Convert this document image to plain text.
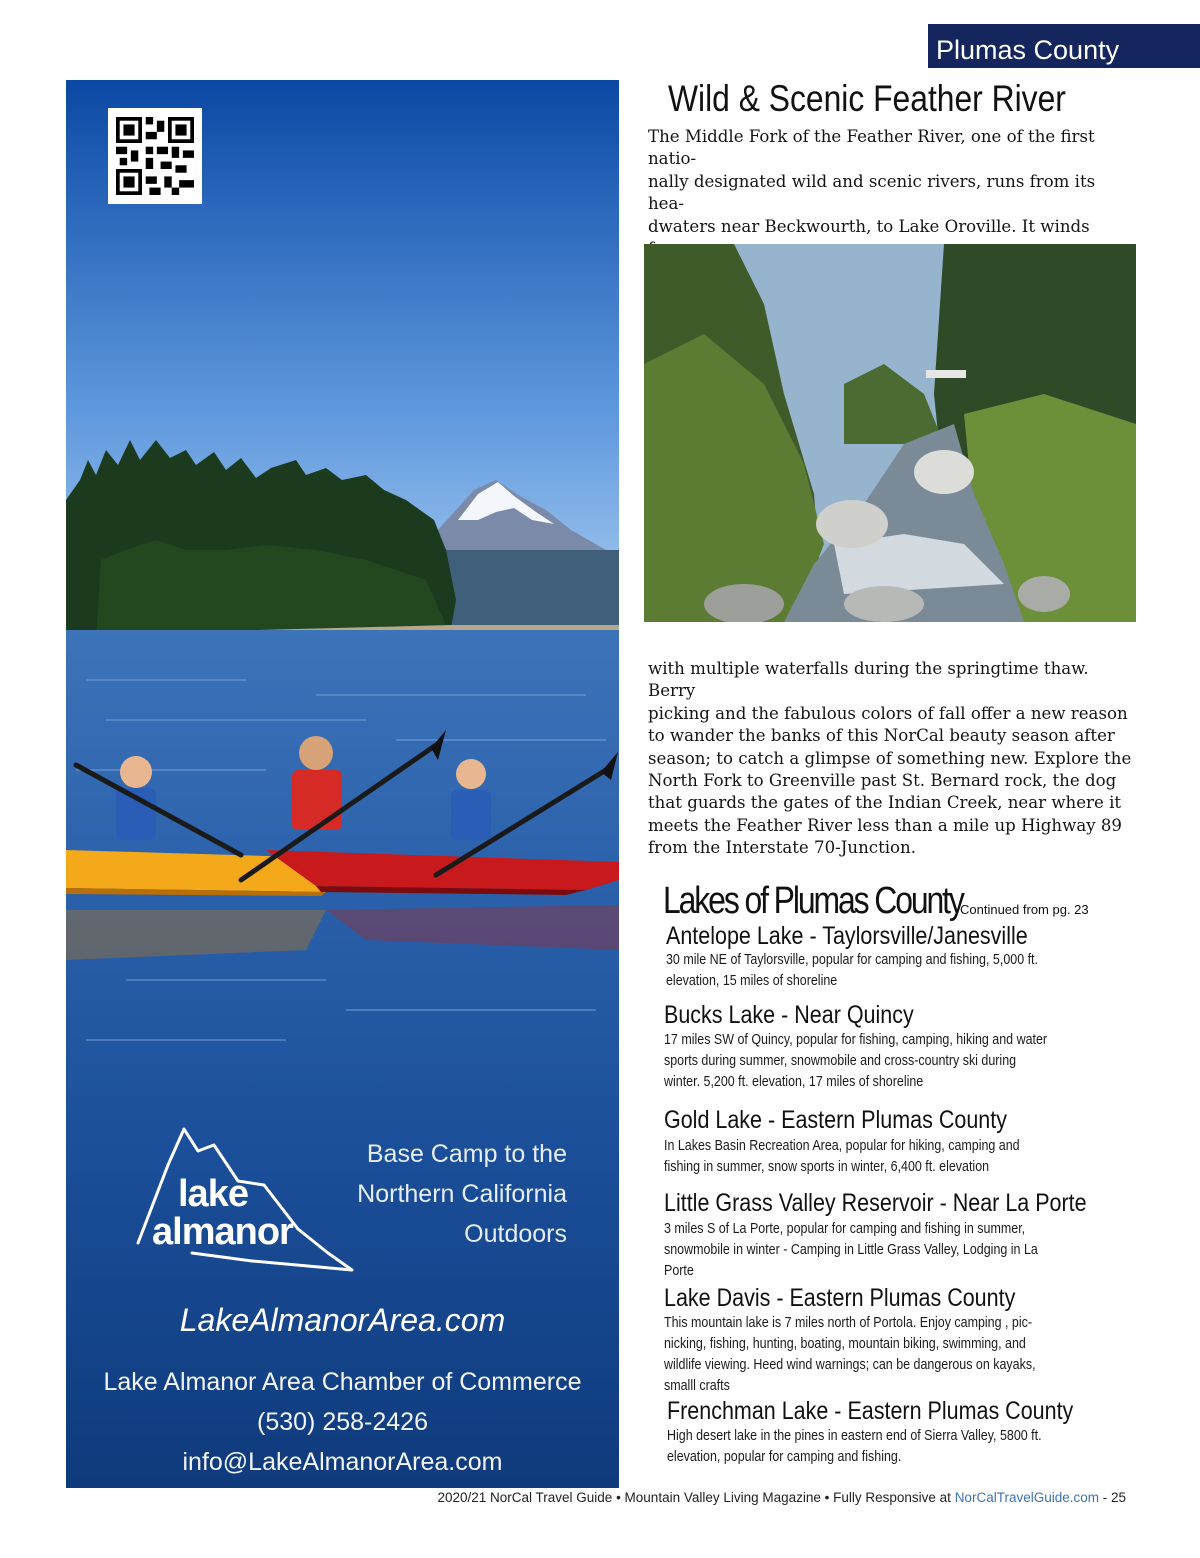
Plumas County
lake
almanor
Base Camp to the
Northern California
Outdoors
LakeAlmanorArea.com
Lake Almanor Area Chamber of Commerce
(530) 258-2426
info@LakeAlmanorArea.com
Wild & Scenic Feather River
The Middle Fork of the Feather River, one of the first natio-
nally designated wild and scenic rivers, runs from its hea-
dwaters near Beckwourth, to Lake Oroville. It winds
with multiple waterfalls during the springtime thaw. Berry
picking and the fabulous colors of fall offer a new reason
to wander the banks of this NorCal beauty season after
season; to catch a glimpse of something new. Explore the
North Fork to Greenville past St. Bernard rock, the dog
that guards the gates of the Indian Creek, near where it
meets the Feather River less than a mile up Highway 89
from the Interstate 70-Junction.
Lakes of Plumas County
Continued from pg. 23
Antelope Lake - Taylorsville/Janesville
30 mile NE of Taylorsville, popular for camping and fishing, 5,000 ft.
elevation, 15 miles of shoreline
Bucks Lake - Near Quincy
17 miles SW of Quincy, popular for fishing, camping, hiking and water
sports during summer, snowmobile and cross-country ski during
winter. 5,200 ft. elevation, 17 miles of shoreline
Gold Lake - Eastern Plumas County
In Lakes Basin Recreation Area, popular for hiking, camping and
fishing in summer, snow sports in winter, 6,400 ft. elevation
Little Grass Valley Reservoir - Near La Porte
3 miles S of La Porte, popular for camping and fishing in summer,
snowmobile in winter - Camping in Little Grass Valley, Lodging in La
Porte
Lake Davis - Eastern Plumas County
This mountain lake is 7 miles north of Portola. Enjoy camping , pic-
nicking, fishing, hunting, boating, mountain biking, swimming, and
wildlife viewing. Heed wind warnings; can be dangerous on kayaks,
smalll crafts
Frenchman Lake - Eastern Plumas County
High desert lake in the pines in eastern end of Sierra Valley, 5800 ft.
elevation, popular for camping and fishing.
2020/21 NorCal Travel Guide • Mountain Valley Living Magazine • Fully Responsive at NorCalTravelGuide.com - 25
